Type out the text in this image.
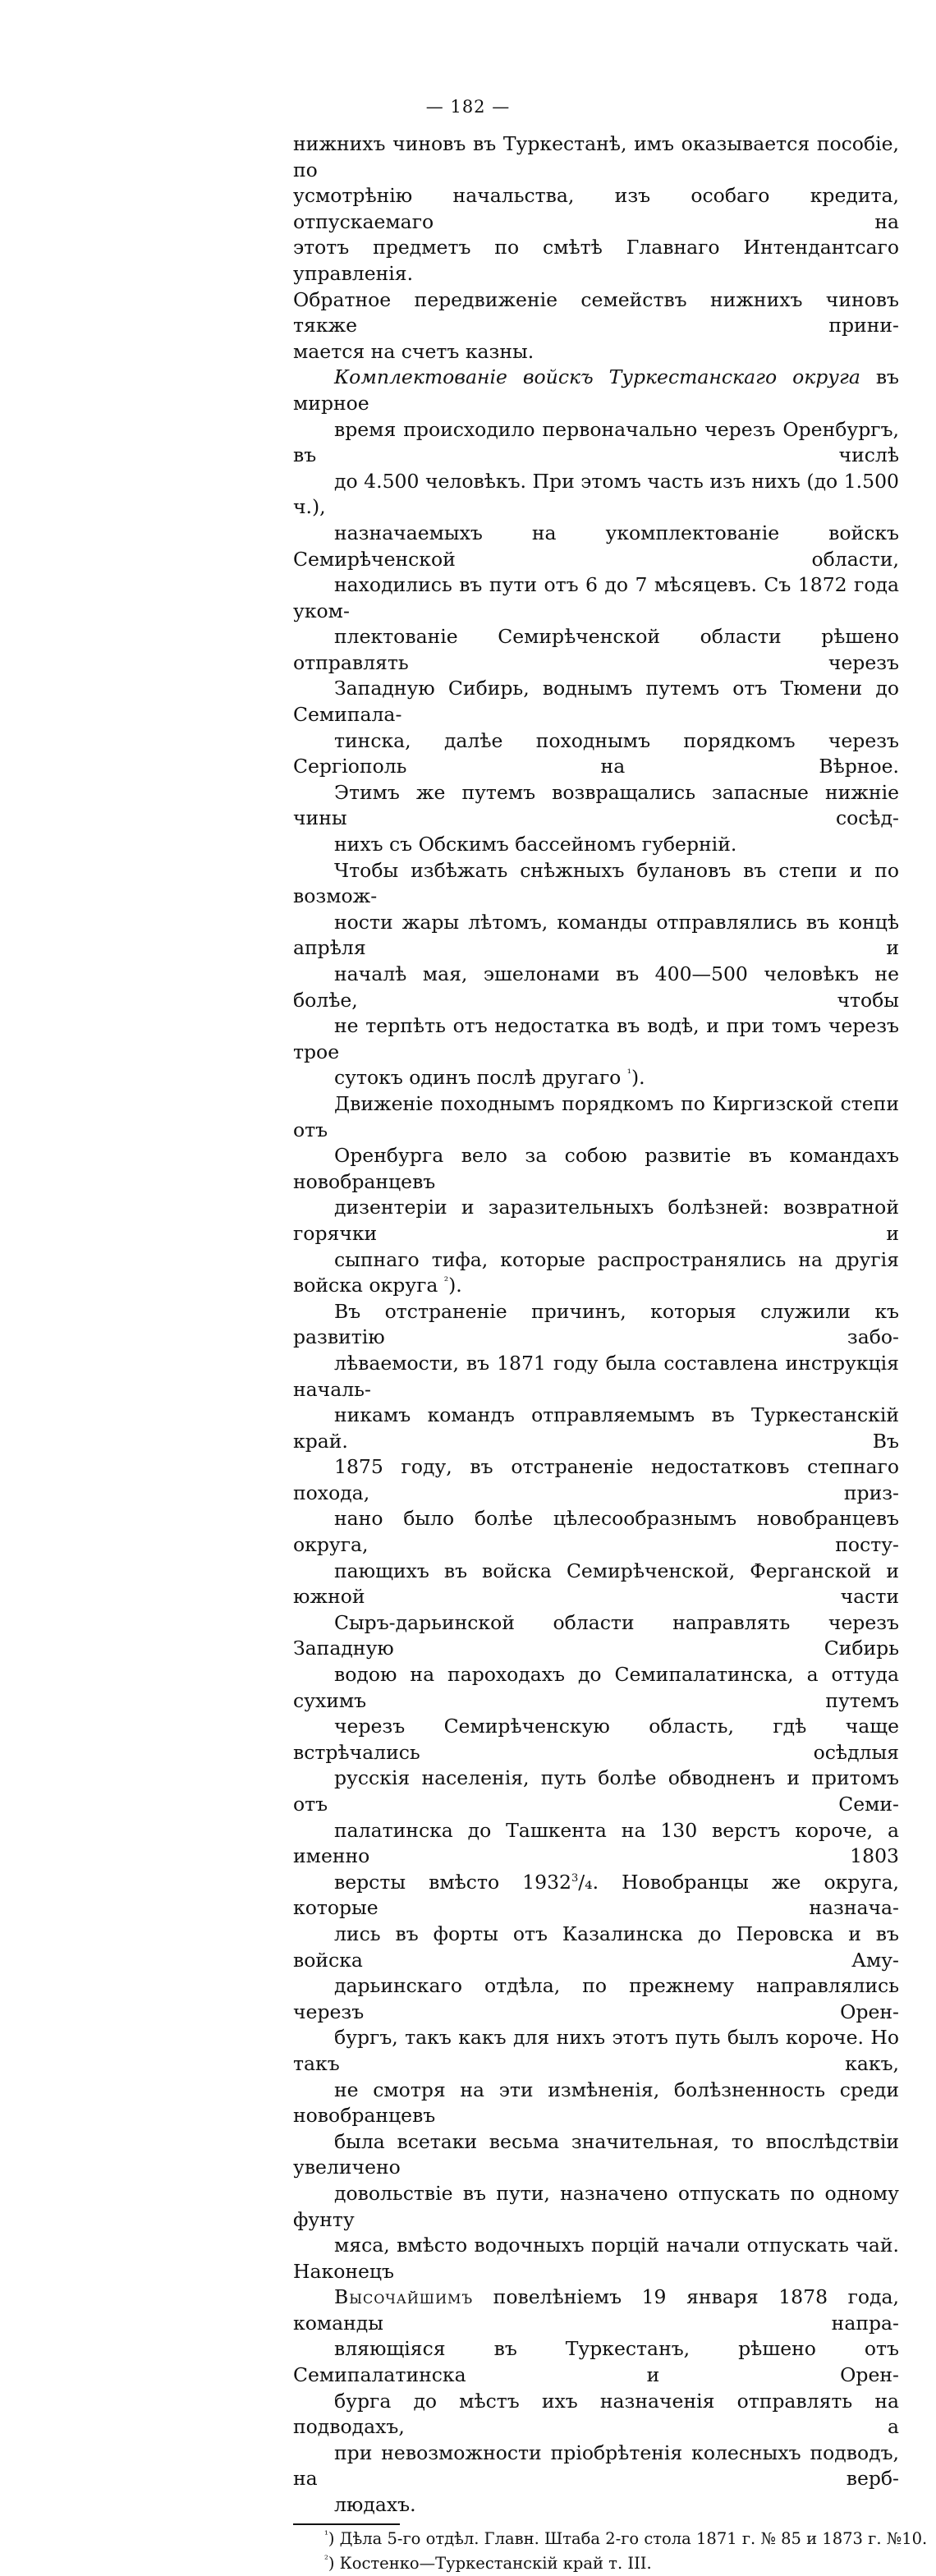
— 182 —

нижнихъ чиновъ въ Туркестанѣ, имъ оказывается пособіе, по
усмотрѣнію начальства, изъ особаго кредита, отпускаемаго на
этотъ предметъ по смѣтѣ Главнаго Интендантсаго управленія.
Обратное передвиженіе семействъ нижнихъ чиновъ тякже прини-
мается на счетъ казны.

Комплектованіе войскъ Туркестанскаго округа въ мирное
время происходило первоначально черезъ Оренбургъ, въ числѣ
до 4.500 человѣкъ. При этомъ часть изъ нихъ (до 1.500 ч.),
назначаемыхъ на укомплектованіе войскъ Семирѣченской области,
находились въ пути отъ 6 до 7 мѣсяцевъ. Съ 1872 года уком-
плектованіе Семирѣченской области рѣшено отправлять черезъ
Западную Сибирь, воднымъ путемъ отъ Тюмени до Семипала-
тинска, далѣе походнымъ порядкомъ черезъ Сергіополь на Вѣрное.
Этимъ же путемъ возвращались запасные нижніе чины сосѣд-
нихъ съ Обскимъ бассейномъ губерній.

Чтобы избѣжать снѣжныхъ булановъ въ степи и по возмож-
ности жары лѣтомъ, команды отправлялись въ концѣ апрѣля и
началѣ мая, эшелонами въ 400—500 человѣкъ не болѣе, чтобы
не терпѣть отъ недостатка въ водѣ, и при томъ черезъ трое
сутокъ одинъ послѣ другаго $^{^1}$).

Движеніе походнымъ порядкомъ по Киргизской степи отъ
Оренбурга вело за собою развитіе въ командахъ новобранцевъ
дизентеріи и заразительныхъ болѣзней: возвратной горячки и
сыпнаго тифа, которые распространялись на другія войска округа $^{^2}$).

Въ отстраненіе причинъ, которыя служили къ развитію забо-
лѣваемости, въ 1871 году была составлена инструкція началь-
никамъ командъ отправляемымъ въ Туркестанскій край. Въ
1875 году, въ отстраненіе недостатковъ степнаго похода, приз-
нано было болѣе цѣлесообразнымъ новобранцевъ округа, посту-
пающихъ въ войска Семирѣченской, Ферганской и южной части
Сыръ-дарьинской области направлять черезъ Западную Сибирь
водою на пароходахъ до Семипалатинска, а оттуда сухимъ путемъ
черезъ Семирѣченскую область, гдѣ чаще встрѣчались осѣдлыя
русскія населенія, путь болѣе обводненъ и притомъ отъ Семи-
палатинска до Ташкента на 130 верстъ короче, а именно 1803
версты вмѣсто 1932$^3$/₄. Новобранцы же округа, которые назнача-
лись въ форты отъ Казалинска до Перовска и въ войска Аму-
дарьинскаго отдѣла, по прежнему направлялись черезъ Орен-
бургъ, такъ какъ для нихъ этотъ путь былъ короче. Но такъ какъ,
не смотря на эти измѣненія, болѣзненность среди новобранцевъ
была всетаки весьма значительная, то впослѣдствіи увеличено
довольствіе въ пути, назначено отпускать по одному фунту
мяса, вмѣсто водочныхъ порцій начали отпускать чай. Наконецъ
Высочайшимъ повелѣніемъ 19 января 1878 года, команды напра-
вляющіяся въ Туркестанъ, рѣшено отъ Семипалатинска и Орен-
бурга до мѣстъ ихъ назначенія отправлять на подводахъ, а
при невозможности пріобрѣтенія колесныхъ подводъ, на верб-
людахъ.

$^{^1}$) Дѣла 5-го отдѣл. Главн. Штаба 2-го стола 1871 г. № 85 и 1873 г. №10.
$^{^2}$) Костенко—Туркестанскій край т. III.
